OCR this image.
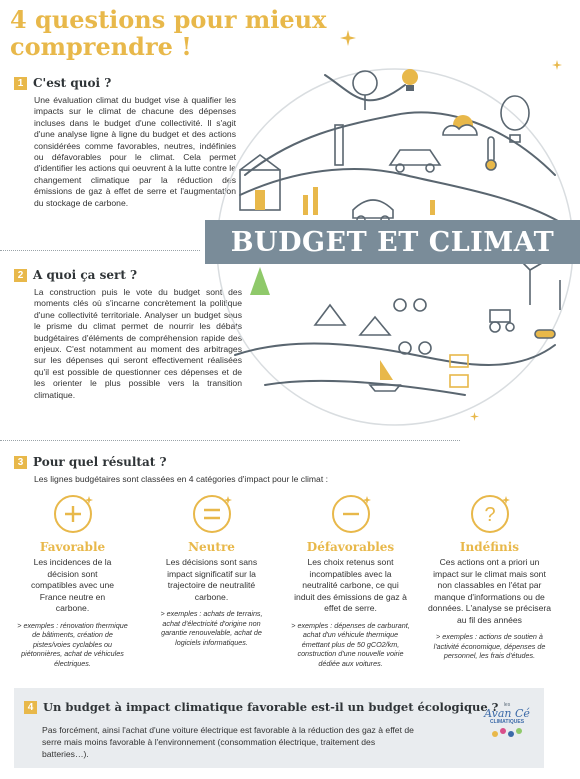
4 questions pour mieux comprendre !
1 C'est quoi ?

Une évaluation climat du budget vise à qualifier les impacts sur le climat de chacune des dépenses incluses dans le budget d'une collectivité. Il s'agit d'une analyse ligne à ligne du budget et des actions considérées comme favorables, neutres, indéfinies ou défavorables pour le climat. Cela permet d'identifier les actions qui oeuvrent à la lutte contre le changement climatique par la réduction des émissions de gaz à effet de serre et l'augmentation du stockage de carbone.

2 A quoi ça sert ?

La construction puis le vote du budget sont des moments clés où s'incarne concrètement la politique d'une collectivité territoriale. Analyser un budget sous le prisme du climat permet de nourrir les débats budgétaires d'éléments de compréhension rapide des enjeux. C'est notamment au moment des arbitrages sur les dépenses qui seront effectivement réalisées qu'il est possible de questionner ces dépenses et de les orienter le plus possible vers la transition climatique.

BUDGET ET CLIMAT
3 Pour quel résultat ?

Les lignes budgétaires sont classées en 4 catégories d'impact pour le climat :

Favorable
Les incidences de la décision sont compatibles avec une France neutre en carbone.
> exemples : rénovation thermique de bâtiments, création de pistes/voies cyclables ou piétonnières, achat de véhicules électriques.
Neutre
Les décisions sont sans impact significatif sur la trajectoire de neutralité carbone.
> exemples : achats de terrains, achat d'électricité d'origine non garantie renouvelable, achat de logiciels informatiques.
Défavorables
Les choix retenus sont incompatibles avec la neutralité carbone, ce qui induit des émissions de gaz à effet de serre.
> exemples : dépenses de carburant, achat d'un véhicule thermique émettant plus de 50 gCO2/km, construction d'une nouvelle voirie dédiée aux voitures.
?
Indéfinis
Ces actions ont a priori un impact sur le climat mais sont non classables en l'état par manque d'informations ou de données. L'analyse se précisera au fil des années
> exemples : actions de soutien à l'activité économique, dépenses de personnel, les frais d'études.
4 Un budget à impact climatique favorable est-il un budget écologique ?

Pas forcément, ainsi l'achat d'une voiture électrique est favorable à la réduction des gaz à effet de serre mais moins favorable à l'environnement (consommation électrique, traitement des batteries…).

les
Avan Cé
CLIMATIQUES
